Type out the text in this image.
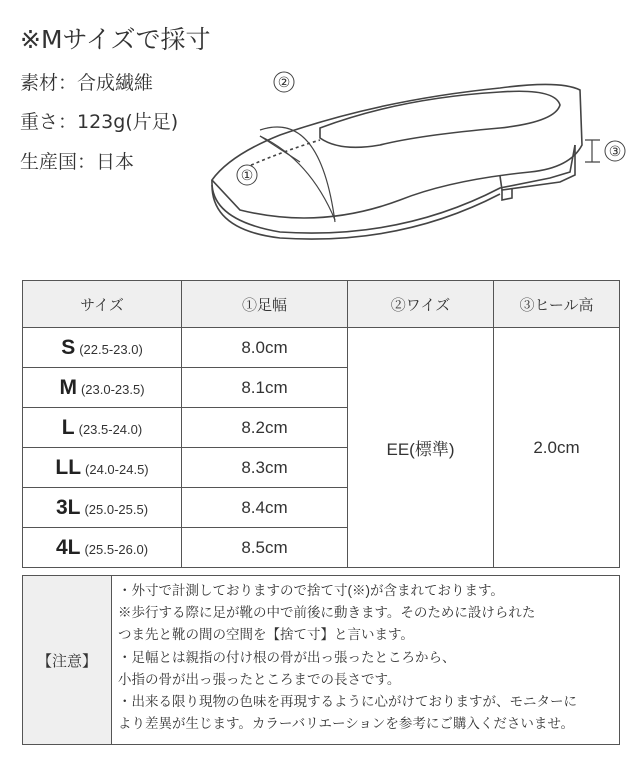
※Mサイズで採寸
素材：合成繊維
重さ：123g(片足)
生産国：日本
②
①
③
サイズ	①足幅	②ワイズ	③ヒール高
S (22.5-23.0)	8.0cm	EE(標準)	2.0cm
M (23.0-23.5)	8.1cm		
L (23.5-24.0)	8.2cm		
LL (24.0-24.5)	8.3cm		
3L (25.0-25.5)	8.4cm		
4L (25.5-26.0)	8.5cm		
【注意】	
・外寸で計測しておりますので捨て寸(※)が含まれております。
※歩行する際に足が靴の中で前後に動きます。そのために設けられた
つま先と靴の間の空間を【捨て寸】と言います。
・足幅とは親指の付け根の骨が出っ張ったところから、
小指の骨が出っ張ったところまでの長さです。
・出来る限り現物の色味を再現するように心がけておりますが、モニターに
より差異が生じます。カラーバリエーションを参考にご購入くださいませ。
